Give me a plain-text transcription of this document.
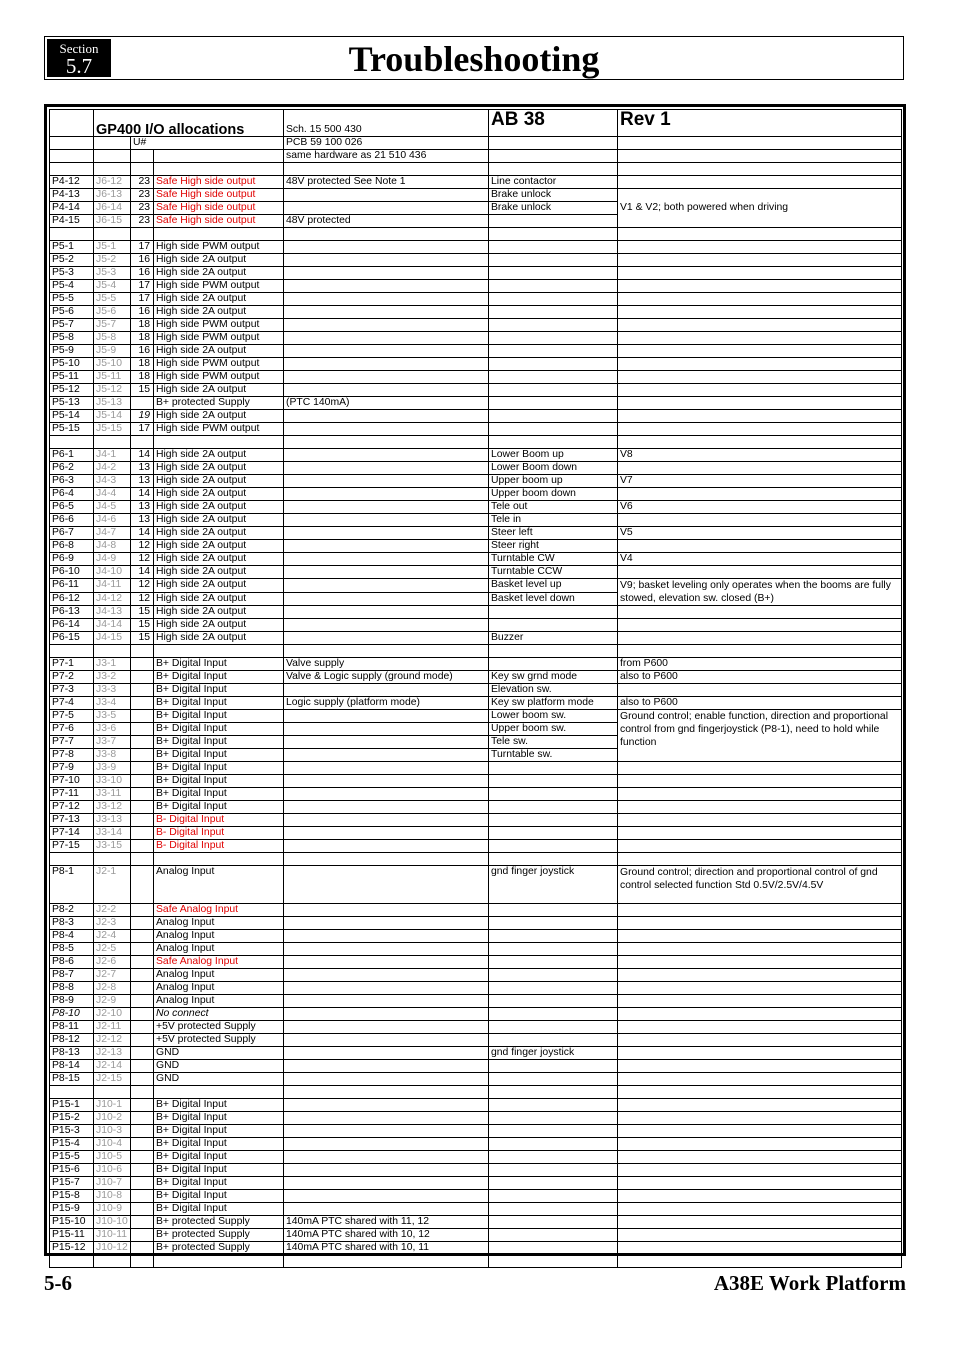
Section
5.7	Troubleshooting
	GP400 I/O allocations			Sch. 15 500 430	AB 38	Rev 1
		U#		PCB 59 100 026		
				same hardware as 21 510 436		

P4-12	J6-12	23	Safe High side output	48V protected See Note 1	Line contactor	
P4-13	J6-13	23	Safe High side output		Brake unlock	V1 & V2; both powered when driving
P4-14	J6-14	23	Safe High side output		Brake unlock	
P4-15	J6-15	23	Safe High side output	48V protected		

P5-1	J5-1	17	High side PWM output			
P5-2	J5-2	16	High side 2A output			
P5-3	J5-3	16	High side 2A output			
P5-4	J5-4	17	High side PWM output			
P5-5	J5-5	17	High side 2A output			
P5-6	J5-6	16	High side 2A output			
P5-7	J5-7	18	High side PWM output			
P5-8	J5-8	18	High side PWM output			
P5-9	J5-9	16	High side 2A output			
P5-10	J5-10	18	High side PWM output			
P5-11	J5-11	18	High side PWM output			
P5-12	J5-12	15	High side 2A output			
P5-13	J5-13		B+ protected Supply	(PTC 140mA)		
P5-14	J5-14	19	High side 2A output			
P5-15	J5-15	17	High side PWM output			

P6-1	J4-1	14	High side 2A output		Lower Boom up	V8
P6-2	J4-2	13	High side 2A output		Lower Boom down	
P6-3	J4-3	13	High side 2A output		Upper boom up	V7
P6-4	J4-4	14	High side 2A output		Upper boom down	
P6-5	J4-5	13	High side 2A output		Tele out	V6
P6-6	J4-6	13	High side 2A output		Tele in	
P6-7	J4-7	14	High side 2A output		Steer left	V5
P6-8	J4-8	12	High side 2A output		Steer right	
P6-9	J4-9	12	High side 2A output		Turntable CW	V4
P6-10	J4-10	14	High side 2A output		Turntable CCW	
P6-11	J4-11	12	High side 2A output		Basket level up	V9; basket leveling only operates when the booms are fully stowed, elevation sw. closed (B+)
P6-12	J4-12	12	High side 2A output		Basket level down	
P6-13	J4-13	15	High side 2A output			
P6-14	J4-14	15	High side 2A output			
P6-15	J4-15	15	High side 2A output		Buzzer	

P7-1	J3-1		B+ Digital Input	Valve supply		from P600
P7-2	J3-2		B+ Digital Input	Valve & Logic supply (ground mode)	Key sw grnd mode	also to P600
P7-3	J3-3		B+ Digital Input		Elevation sw.	
P7-4	J3-4		B+ Digital Input	Logic supply (platform mode)	Key sw platform mode	also to P600
P7-5	J3-5		B+ Digital Input		Lower boom sw.	Ground control; enable function, direction and proportional control from gnd fingerjoystick (P8-1), need to hold while function
P7-6	J3-6		B+ Digital Input		Upper boom sw.	
P7-7	J3-7		B+ Digital Input		Tele sw.	
P7-8	J3-8		B+ Digital Input		Turntable sw.	
P7-9	J3-9		B+ Digital Input			
P7-10	J3-10		B+ Digital Input			
P7-11	J3-11		B+ Digital Input			
P7-12	J3-12		B+ Digital Input			
P7-13	J3-13		B- Digital Input			
P7-14	J3-14		B- Digital Input			
P7-15	J3-15		B- Digital Input			

P8-1	J2-1		Analog Input		gnd finger joystick	Ground control; direction and proportional control of gnd control selected function Std 0.5V/2.5V/4.5V
P8-2	J2-2		Safe Analog Input			
P8-3	J2-3		Analog Input			
P8-4	J2-4		Analog Input			
P8-5	J2-5		Analog Input			
P8-6	J2-6		Safe Analog Input			
P8-7	J2-7		Analog Input			
P8-8	J2-8		Analog Input			
P8-9	J2-9		Analog Input			
P8-10	J2-10		No connect			
P8-11	J2-11		+5V protected Supply			
P8-12	J2-12		+5V protected Supply			
P8-13	J2-13		GND		gnd finger joystick	
P8-14	J2-14		GND			
P8-15	J2-15		GND			

P15-1	J10-1		B+ Digital Input			
P15-2	J10-2		B+ Digital Input			
P15-3	J10-3		B+ Digital Input			
P15-4	J10-4		B+ Digital Input			
P15-5	J10-5		B+ Digital Input			
P15-6	J10-6		B+ Digital Input			
P15-7	J10-7		B+ Digital Input			
P15-8	J10-8		B+ Digital Input			
P15-9	J10-9		B+ Digital Input			
P15-10	J10-10		B+ protected Supply	140mA PTC shared with 11, 12		
P15-11	J10-11		B+ protected Supply	140mA PTC shared with 10, 12		
P15-12	J10-12		B+ protected Supply	140mA PTC shared with 10, 11		

5-6	A38E Work Platform
